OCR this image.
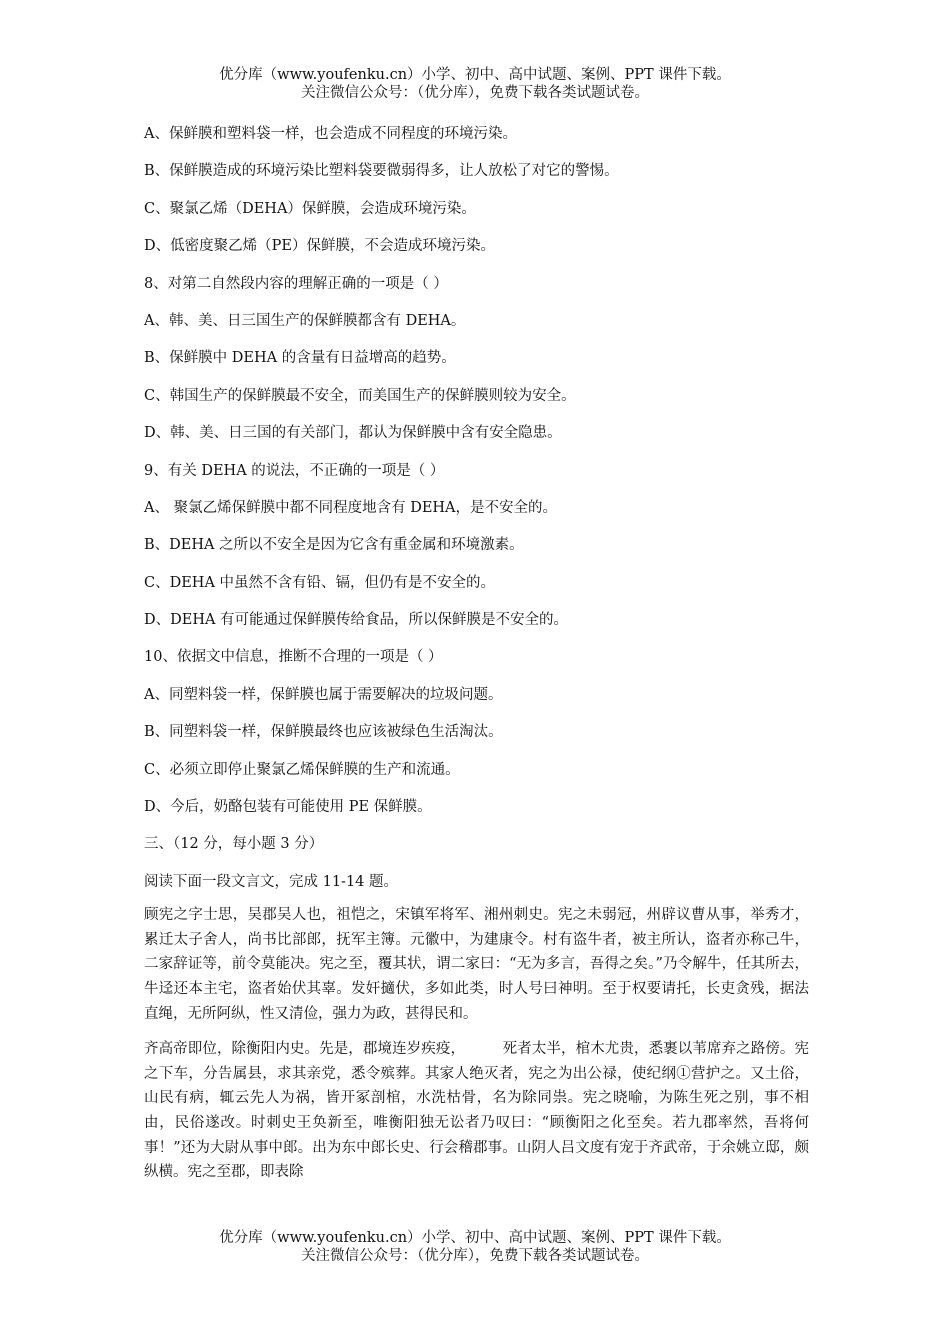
优分库（www.youfenku.cn）小学、初中、高中试题、案例、PPT 课件下载。
关注微信公众号：（优分库），免费下载各类试题试卷。
A、保鲜膜和塑料袋一样，也会造成不同程度的环境污染。
B、保鲜膜造成的环境污染比塑料袋要微弱得多，让人放松了对它的警惕。
C、聚氯乙烯（DEHA）保鲜膜，会造成环境污染。
D、低密度聚乙烯（PE）保鲜膜，不会造成环境污染。
8、对第二自然段内容的理解正确的一项是（ ）
A、韩、美、日三国生产的保鲜膜都含有 DEHA。
B、保鲜膜中 DEHA 的含量有日益增高的趋势。
C、韩国生产的保鲜膜最不安全，而美国生产的保鲜膜则较为安全。
D、韩、美、日三国的有关部门，都认为保鲜膜中含有安全隐患。
9、有关 DEHA 的说法，不正确的一项是（ ）
A、 聚氯乙烯保鲜膜中都不同程度地含有 DEHA，是不安全的。
B、DEHA 之所以不安全是因为它含有重金属和环境激素。
C、DEHA 中虽然不含有铅、镉，但仍有是不安全的。
D、DEHA 有可能通过保鲜膜传给食品，所以保鲜膜是不安全的。
10、依据文中信息，推断不合理的一项是（ ）
A、同塑料袋一样，保鲜膜也属于需要解决的垃圾问题。
B、同塑料袋一样，保鲜膜最终也应该被绿色生活淘汰。
C、必须立即停止聚氯乙烯保鲜膜的生产和流通。
D、今后，奶酪包装有可能使用 PE 保鲜膜。
三、（12 分，每小题 3 分）
阅读下面一段文言文，完成 11-14 题。
顾宪之字士思，吴郡吴人也，祖恺之，宋镇军将军、湘州刺史。宪之未弱冠，州辟议曹从事，举秀才，累迁太子舍人，尚书比部郎，抚军主簿。元徽中，为建康令。村有盗牛者，被主所认，盗者亦称己牛，二家辞证等，前令莫能决。宪之至，覆其状，谓二家曰：“无为多言，吾得之矣。”乃令解牛，任其所去，牛迳还本主宅，盗者始伏其辜。发奸擿伏，多如此类，时人号曰神明。至于权要请托，长吏贪残，据法直绳，无所阿纵，性又清俭，强力为政，甚得民和。
齐高帝即位，除衡阳内史。先是，郡境连岁疾疫，        死者太半，棺木尤贵，悉裹以苇席弃之路傍。宪之下车，分告属县，求其亲党，悉令殡葬。其家人绝灭者，宪之为出公禄，使纪纲①营护之。又土俗，山民有病，辄云先人为祸，皆开冢剖棺，水洗枯骨，名为除同祟。宪之晓喻，为陈生死之别，事不相由，民俗遂改。时刺史王奂新至，唯衡阳独无讼者乃叹曰：“顾衡阳之化至矣。若九郡率然，吾将何事！”还为大尉从事中郎。出为东中郎长史、行会稽郡事。山阴人吕文度有宠于齐武帝，于余姚立邸，颇纵横。宪之至郡，即表除
优分库（www.youfenku.cn）小学、初中、高中试题、案例、PPT 课件下载。
关注微信公众号：（优分库），免费下载各类试题试卷。
